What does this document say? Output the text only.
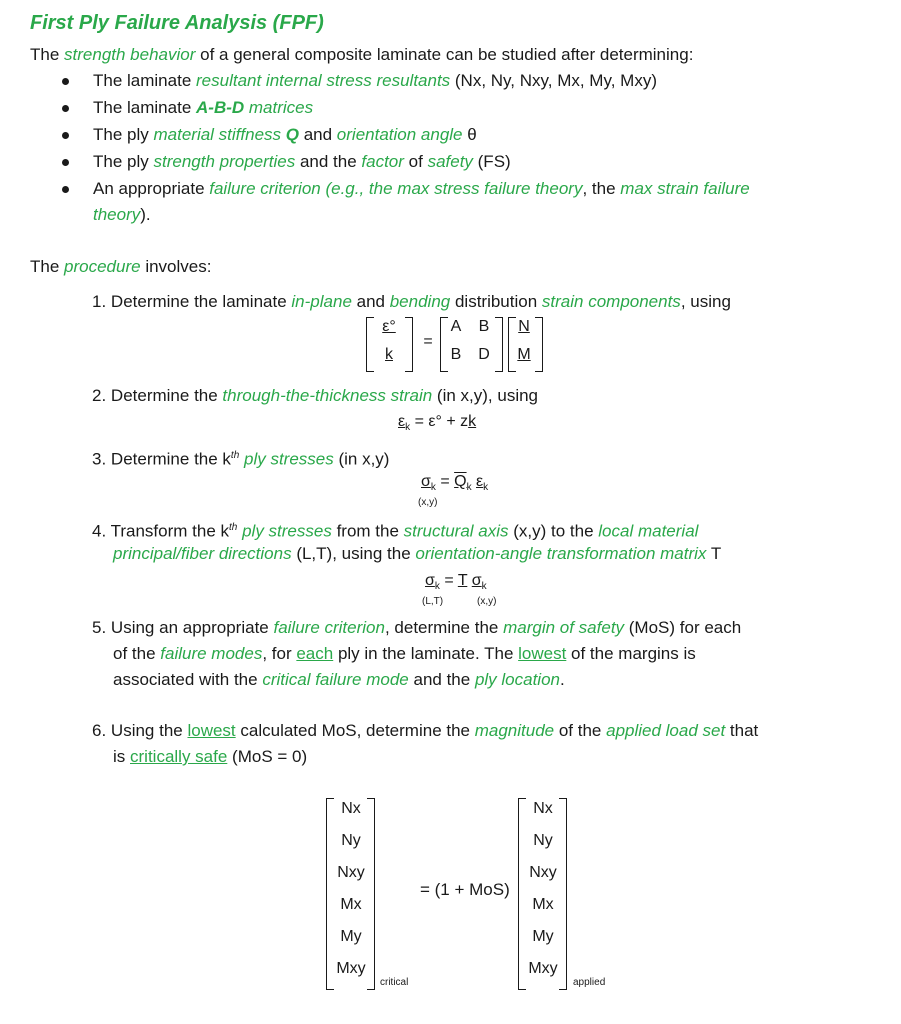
First Ply Failure Analysis (FPF)
The strength behavior of a general composite laminate can be studied after determining:
The laminate resultant internal stress resultants (Nx, Ny, Nxy, Mx, My, Mxy)
The laminate A-B-D matrices
The ply material stiffness Q and orientation angle θ
The ply strength properties and the factor of safety (FS)
An appropriate failure criterion (e.g., the max stress failure theory, the max strain failure
theory).
The procedure involves:
1. Determine the laminate in-plane and bending distribution strain components, using
ε°
k
=
A B
B D
N
M
2. Determine the through-the-thickness strain (in x,y), using
$\varepsilon_k = \varepsilon^\circ$ + zk
3. Determine the $k^{th}$ ply stresses (in x,y)
$\sigma_k = Q_k$ $\varepsilon_k$
(x,y)
4. Transform the $k^{th}$ ply stresses from the structural axis (x,y) to the local material
principal/fiber directions (L,T), using the orientation-angle transformation matrix T
$\sigma_k = T$ $\sigma_k$
(L,T)	(x,y)
5. Using an appropriate failure criterion, determine the margin of safety (MoS) for each
of the failure modes, for each ply in the laminate. The lowest of the margins is
associated with the critical failure mode and the ply location.
6. Using the lowest calculated MoS, determine the magnitude of the applied load set that
is critically safe (MoS = 0)
Nx
Ny
Nxy
Mx
My
Mxy
critical
= (1 + MoS)
Nx
Ny
Nxy
Mx
My
Mxy
applied
